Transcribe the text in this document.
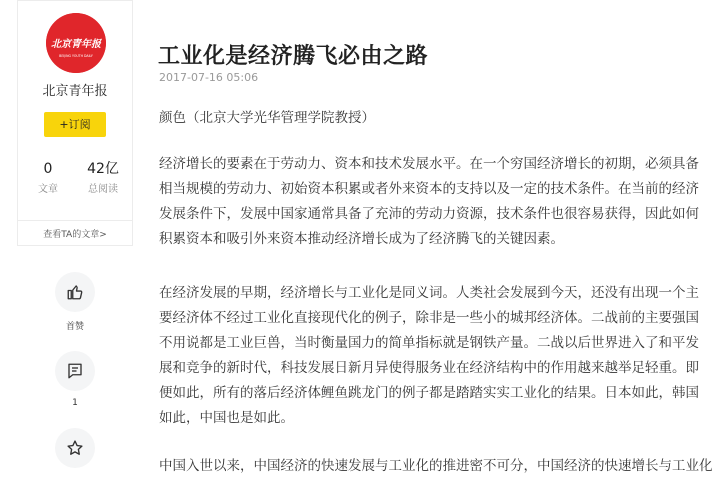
北京青年报
BEIJING YOUTH DAILY
北京青年报
+订阅
0
文章
42亿
总阅读
查看TA的文章>
首赞
1
工业化是经济腾飞必由之路
2017-07-16 05:06
颜色（北京大学光华管理学院教授）

经济增长的要素在于劳动力、资本和技术发展水平。在一个穷国经济增长的初期，必须具备
相当规模的劳动力、初始资本积累或者外来资本的支持以及一定的技术条件。在当前的经济
发展条件下，发展中国家通常具备了充沛的劳动力资源，技术条件也很容易获得，因此如何
积累资本和吸引外来资本推动经济增长成为了经济腾飞的关键因素。

在经济发展的早期，经济增长与工业化是同义词。人类社会发展到今天，还没有出现一个主
要经济体不经过工业化直接现代化的例子，除非是一些小的城邦经济体。二战前的主要强国
不用说都是工业巨兽，当时衡量国力的简单指标就是钢铁产量。二战以后世界进入了和平发
展和竞争的新时代，科技发展日新月异使得服务业在经济结构中的作用越来越举足轻重。即
便如此，所有的落后经济体鲤鱼跳龙门的例子都是踏踏实实工业化的结果。日本如此，韩国
如此，中国也是如此。

中国入世以来，中国经济的快速发展与工业化的推进密不可分，中国经济的快速增长与工业化
